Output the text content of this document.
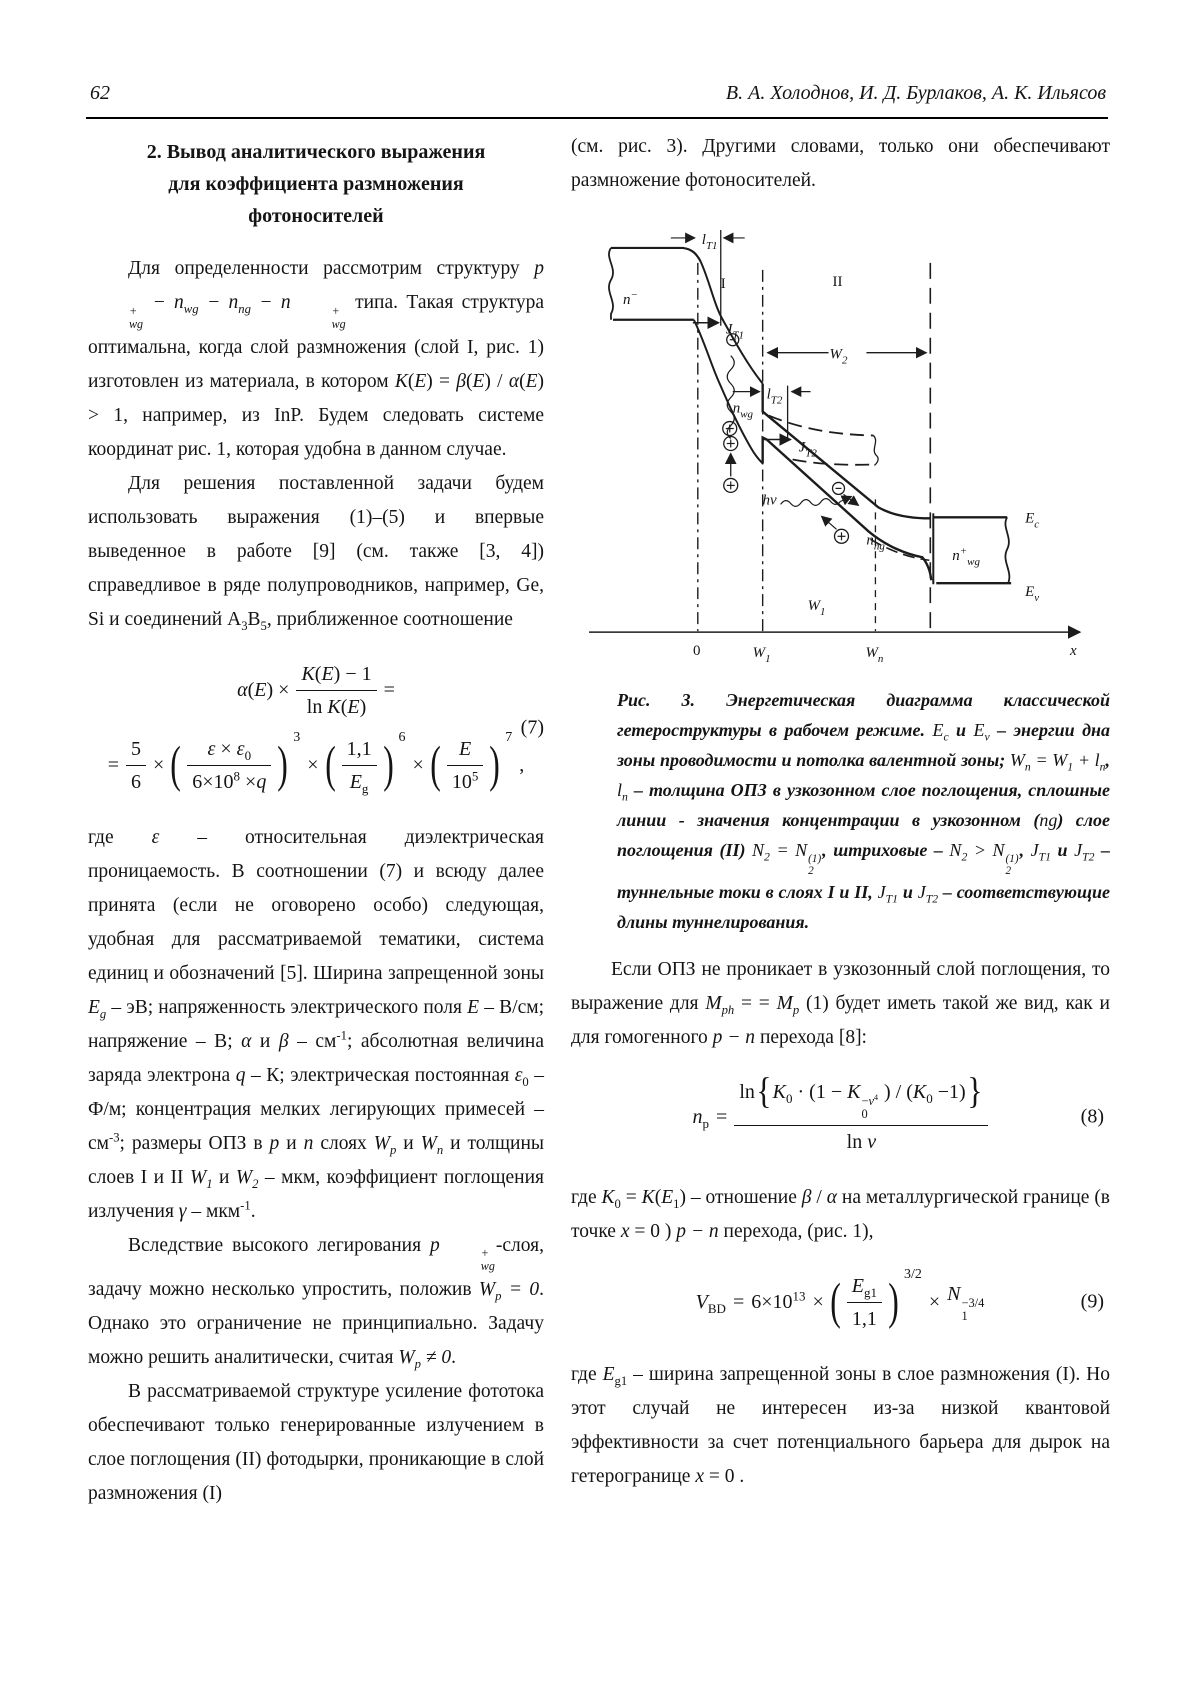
62	В. А. Холоднов, И. Д. Бурлаков, А. К. Ильясов
2. Вывод аналитического выражения
для коэффициента размножения
фотоносителей

Для определенности рассмотрим структуру p
+
wg
− $n_{wg} - n_{ng} - n$	+
wg
типа. Такая структура оптимальна, когда слой размножения (слой I, рис. 1) изготовлен из материала, в котором K(E) = β(E) / α(E) > 1, например, из InP. Будем следовать системе координат рис. 1, которая удобна в данном случае.

Для решения поставленной задачи будем использовать выражения (1)–(5) и впервые выведенное в работе [9] (см. также [3, 4]) справедливое в ряде полупроводников, например, Ge, Si и соединений $A_3B_5$, приближенное соотношение

$\alpha(E) \times \frac{K(E) - 1}{\text{ln K(E)}}$ =
= $\frac{5}{6}$ × ( $\frac{\varepsilon \times \varepsilon_0}{6\times 10^8 \times q}$ ) $^3$
× ( $\frac{1,1}{E_g}$ ) $^6$
× ( $\frac{E}{10^5}$ ) $^7$
,
(7)

где ε – относительная диэлектрическая проницаемость. В соотношении (7) и всюду далее принята (если не оговорено особо) следующая, удобная для рассматриваемой тематики, система единиц и обозначений [5]. Ширина запрещенной зоны $E_g$ – эВ; напряженность электрического поля E – В/см; напряжение – В; α и β – $см^{-1}$; абсолютная величина заряда электрона q – К; электрическая постоянная $\varepsilon_0 - Ф/м$; концентрация мелких легирующих примесей – $см^{-3}$; размеры ОПЗ в p и n слоях $W_p$ и $W_n$ и толщины слоев I и II $W_1$ и $W_2$ – мкм, коэффициент поглощения излучения γ – мкм$^{-1}$.

Вследствие высокого легирования p	+
wg
-слоя, задачу можно несколько упростить, положив $W_p = 0$. Однако это ограничение не принципиально. Задачу можно решить аналитически, считая $W_p \ne 0$.

В рассматриваемой структуре усиление фототока обеспечивают только генерированные излучением в слое поглощения (II) фотодырки, проникающие в слой размножения (I)

(см. рис. 3). Другими словами, только они обеспечивают размножение фотоносителей.

n−
I	II
$l_{T1}$
$J_{T1}$
$W_2$
$l_{T2}$
$J_{T2}$
$n_{wg}$
$n_{ng}$
$n^+_{wg}$
$E_c$
$E_v$
hν
$W_1$
0	$W_1$	$W_n$	x

Рис. 3. Энергетическая диаграмма классической гетероструктуры в рабочем режиме. $E_c$ и $E_v$ – энергии дна зоны проводимости и потолка валентной зоны; $W_n = W_1 + l_n$, $l_n$ – толщина ОПЗ в узкозонном слое поглощения, сплошные линии - значения концентрации в узкозонном (ng) слое поглощения (II) $N_2 = N$ (1)
2
, штриховые – $N_2 > N$ (1)
2
, $J_{T1}$ и $J_{T2}$ – туннельные токи в слоях I и II, $J_{T1}$ и $J_{T2}$ – соответствующие длины туннелирования.

Если ОПЗ не проникает в узкозонный слой поглощения, то выражение для $M_{ph}$ = = $M_p$ (1) будет иметь такой же вид, как и для гомогенного p − n перехода [8]:

$n_p = \ln\{K_0 \cdot (1 - K -v^4$
0
) / $(K_0 -1)$}
ln v	(8)

где $K_0 = K(E_1)$ – отношение β / α на металлургической границе (в точке x = 0 ) p − n перехода, (рис. 1),

$V_{BD} = 6\times 10^{13}$ × ( $\frac{E_{g1}}{1,1}$ ) $^{3/2}$
× N −3/4
1
(9)

где $E_{g1}$ – ширина запрещенной зоны в слое размножения (I). Но этот случай не интересен из-за низкой квантовой эффективности за счет потенциального барьера для дырок на гетерогранице x = 0 .
